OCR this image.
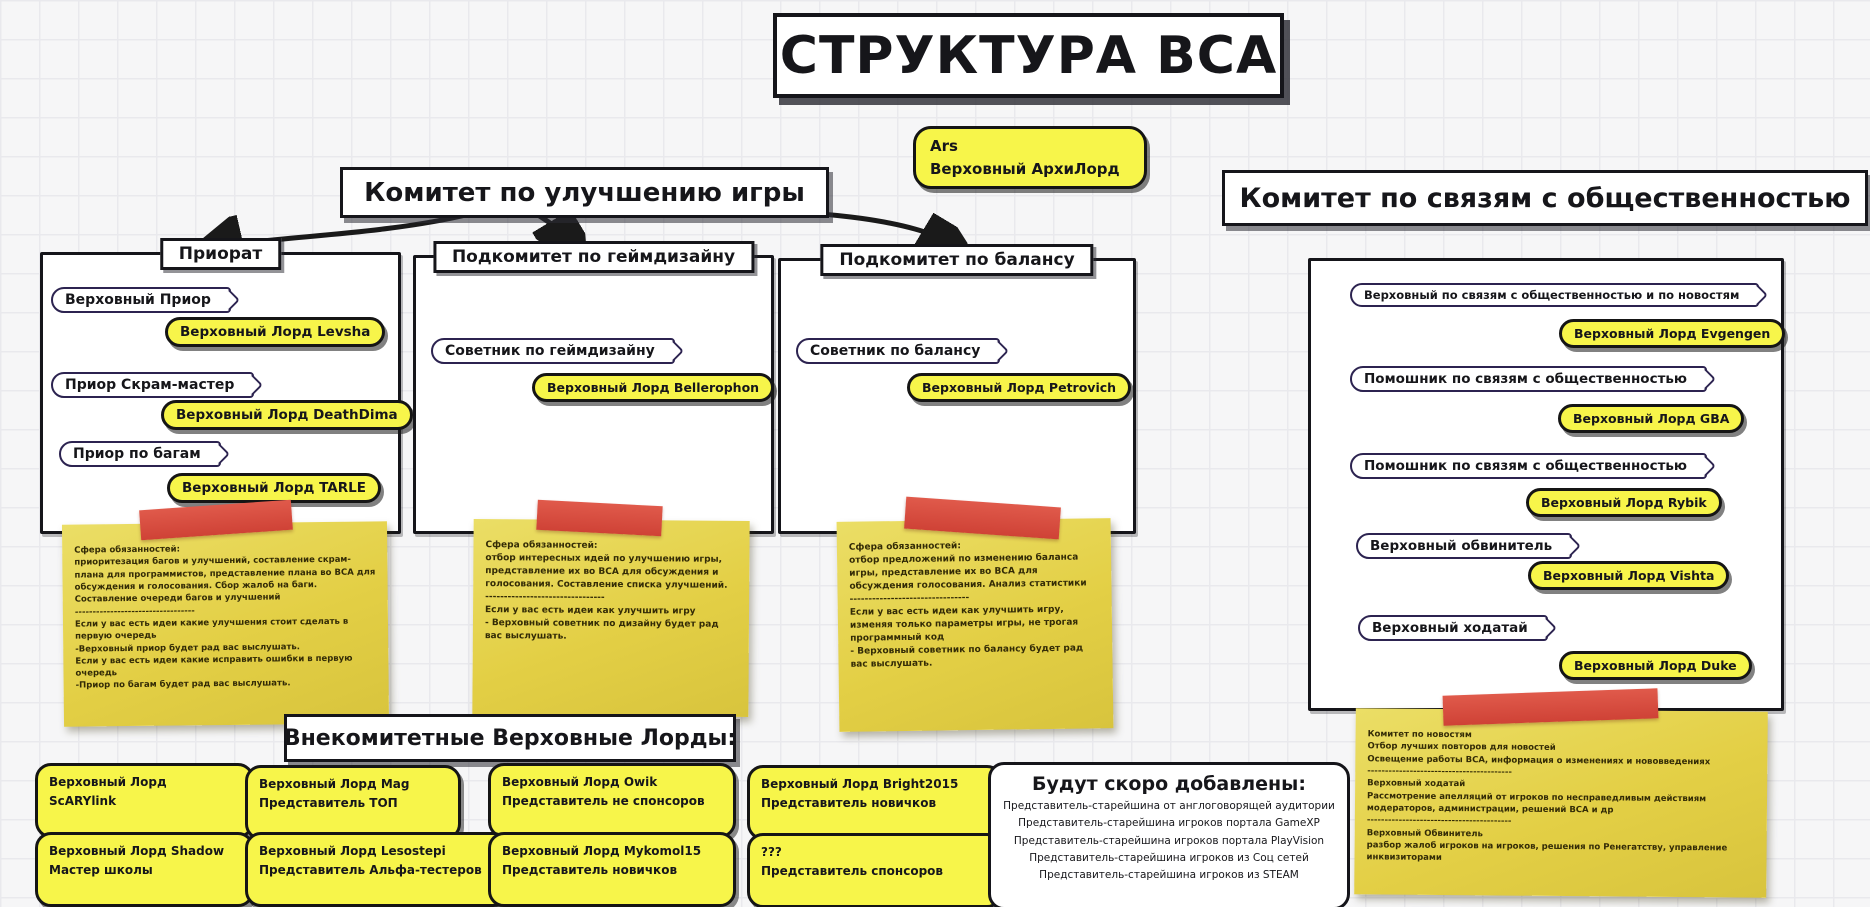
СТРУКТУРА ВСА
Ars
Верховный АрхиЛорд
Комитет по улучшению игры
Приорат
Верховный Приор
Верховный Лорд Levsha
Приор Скрам-мастер
Верховный Лорд DeathDima
Приор по багам
Верховный Лорд TARLE
Подкомитет по геймдизайну
Советник по геймдизайну
Верховный Лорд Bellerophon
Подкомитет по балансу
Советник по балансу
Верховный Лорд Petrovich
Сфера обязанностей:
приоритезация багов и улучшений, составление скрам-плана для программистов, представление плана во ВСА для обсуждения и голосования. Сбор жалоб на баги. Составление очереди багов и улучшений
----------------------------------
Если у вас есть идеи какие улучшения стоит сделать в первую очередь
-Верховный приор будет рад вас выслушать.
Если у вас есть идеи какие исправить ошибки в первую очередь
-Приор по багам будет рад вас выслушать.
Сфера обязанностей:
отбор интересных идей по улучшению игры, представление их во ВСА для обсуждения и голосования. Составление списка улучшений.
--------------------------------
Если у вас есть идеи как улучшить игру
- Верховный советник по дизайну будет рад вас выслушать.
Сфера обязанностей:
отбор предложений по изменению баланса игры, представление их во ВСА для обсуждения голосования. Анализ статистики
--------------------------------
Если у вас есть идеи как улучшить игру, изменяя только параметры игры, не трогая программный код
- Верховный советник по балансу будет рад вас выслушать.
Комитет по связям с общественностью
Верховный по связям с общественностью и по новостям
Верховный Лорд Evgengen
Помошник по связям с общественностью
Верховный Лорд GBA
Помошник по связям с общественностью
Верховный Лорд Rybik
Верховный обвинитель
Верховный Лорд Vishta
Верховный ходатай
Верховный Лорд Duke
Комитет по новостям
Отбор лучших повторов для новостей
Освещение работы ВСА, информация о изменениях и нововведениях
-----------------------------------------
Верховный ходатай
Рассмотрение апелляций от игроков по несправедливым действиям модераторов, администрации, решений ВСА и др
-----------------------------------------
Верховный Обвинитель
разбор жалоб игроков на игроков, решения по Ренегатству, управление инквизиторами
Внекомитетные Верховные Лорды:
Верховный Лорд
ScARYlink
Верховный Лорд Mag
Представитель ТОП
Верховный Лорд Owik
Представитель не спонсоров
Верховный Лорд Bright2015
Представитель новичков
Верховный Лорд Shadow
Мастер школы
Верховный Лорд Lesostepi
Представитель Альфа-тестеров
Верховный Лорд Mykomol15
Представитель новичков
???
Представитель спонсоров
Будут скоро добавлены:
Представитель-старейшина от англоговорящей аудитории
Представитель-старейшина игроков портала GameXP
Представитель-старейшина игроков портала PlayVision
Представитель-старейшина игроков из Соц сетей
Представитель-старейшина игроков из STEAM
